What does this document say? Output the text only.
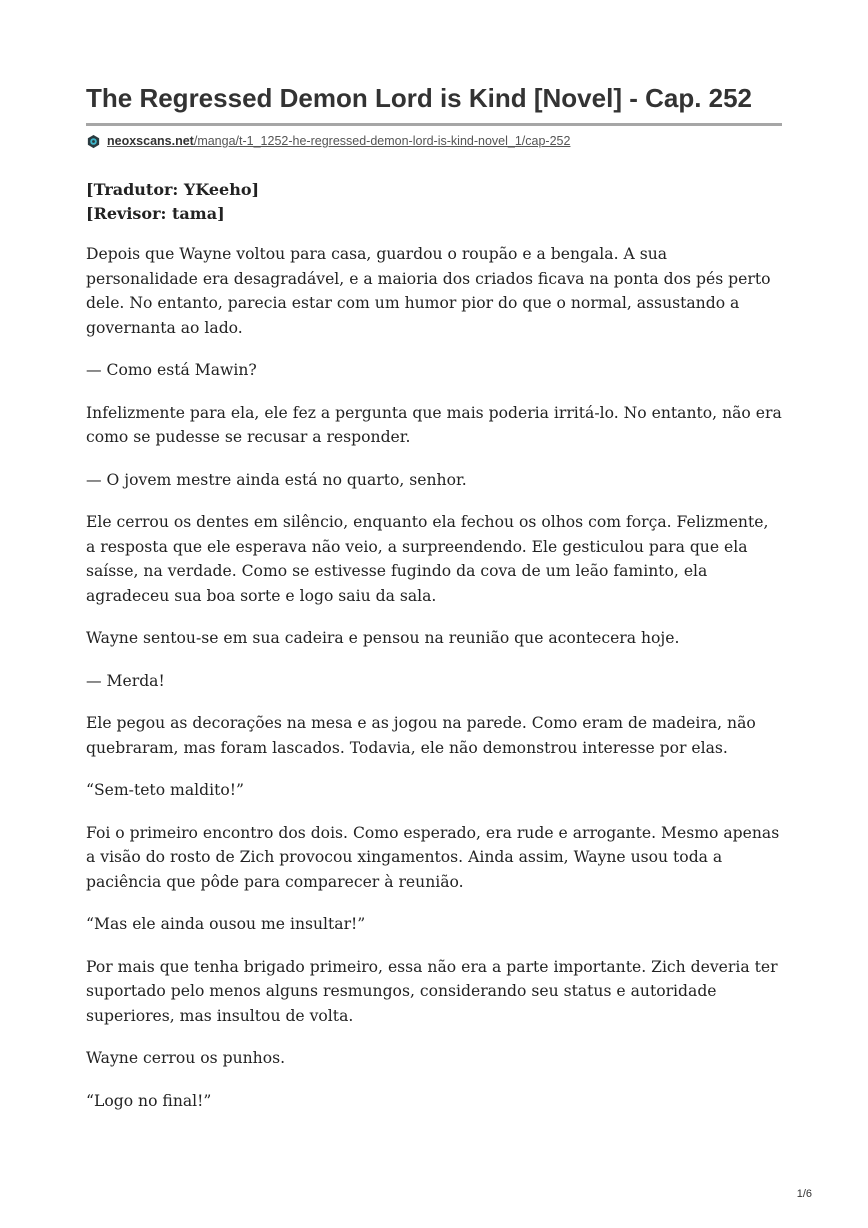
The Regressed Demon Lord is Kind [Novel] - Cap. 252
neoxscans.net/manga/t-1_1252-he-regressed-demon-lord-is-kind-novel_1/cap-252
[Tradutor: YKeeho]
[Revisor: tama]

Depois que Wayne voltou para casa, guardou o roupão e a bengala. A sua personalidade era desagradável, e a maioria dos criados ficava na ponta dos pés perto dele. No entanto, parecia estar com um humor pior do que o normal, assustando a governanta ao lado.

— Como está Mawin?

Infelizmente para ela, ele fez a pergunta que mais poderia irritá-lo. No entanto, não era como se pudesse se recusar a responder.

— O jovem mestre ainda está no quarto, senhor.

Ele cerrou os dentes em silêncio, enquanto ela fechou os olhos com força. Felizmente, a resposta que ele esperava não veio, a surpreendendo. Ele gesticulou para que ela saísse, na verdade. Como se estivesse fugindo da cova de um leão faminto, ela agradeceu sua boa sorte e logo saiu da sala.

Wayne sentou-se em sua cadeira e pensou na reunião que acontecera hoje.

— Merda!

Ele pegou as decorações na mesa e as jogou na parede. Como eram de madeira, não quebraram, mas foram lascados. Todavia, ele não demonstrou interesse por elas.

“Sem-teto maldito!”

Foi o primeiro encontro dos dois. Como esperado, era rude e arrogante. Mesmo apenas a visão do rosto de Zich provocou xingamentos. Ainda assim, Wayne usou toda a paciência que pôde para comparecer à reunião.

“Mas ele ainda ousou me insultar!”

Por mais que tenha brigado primeiro, essa não era a parte importante. Zich deveria ter suportado pelo menos alguns resmungos, considerando seu status e autoridade superiores, mas insultou de volta.

Wayne cerrou os punhos.

“Logo no final!”

1/6
